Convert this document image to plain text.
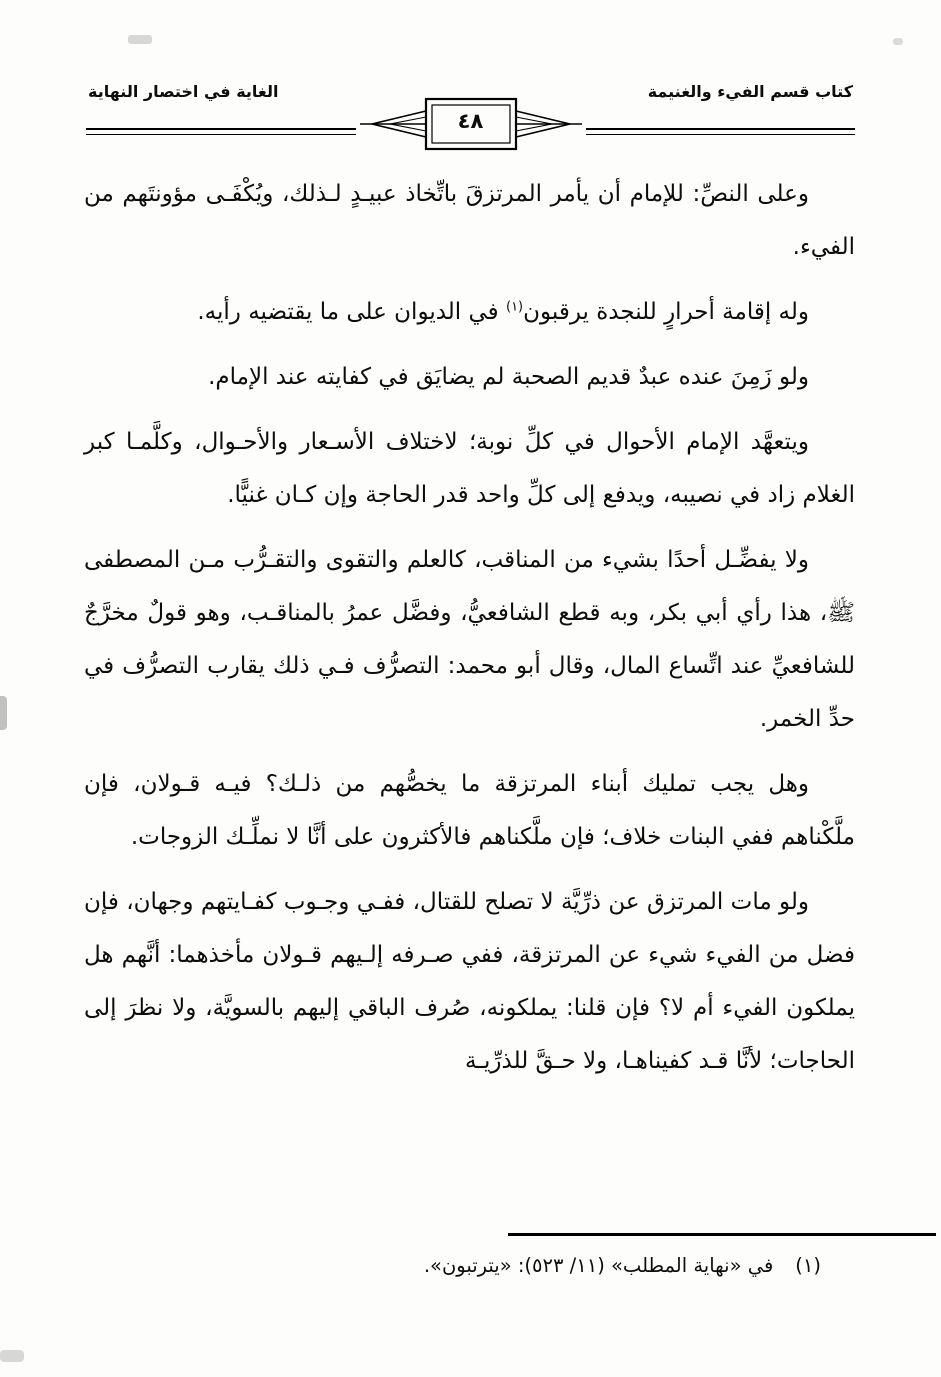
كتاب قسم الفيء والغنيمة
الغاية في اختصار النهاية
٤٨

وعلى النصِّ: للإمام أن يأمر المرتزقَ باتِّخاذ عبيـدٍ لـذلك، ويُكْفَـى مؤونتَهم من الفيء.

وله إقامة أحرارٍ للنجدة يرقبون$^{(١)}$ في الديوان على ما يقتضيه رأيه.

ولو زَمِنَ عنده عبدٌ قديم الصحبة لم يضايَق في كفايته عند الإمام.

ويتعهَّد الإمام الأحوال في كلِّ نوبة؛ لاختلاف الأسـعار والأحـوال، وكلَّمـا كبر الغلام زاد في نصيبه، ويدفع إلى كلِّ واحد قدر الحاجة وإن كـان غنيًّا.

ولا يفضِّـل أحدًا بشيء من المناقب، كالعلم والتقوى والتقـرُّب مـن المصطفى ﷺ، هذا رأي أبي بكر، وبه قطع الشافعيُّ، وفضَّل عمرُ بالمناقـب، وهو قولٌ مخرَّجٌ للشافعيِّ عند اتِّساع المال، وقال أبو محمد: التصرُّف فـي ذلك يقارب التصرُّف في حدِّ الخمر.

وهل يجب تمليك أبناء المرتزقة ما يخصُّهم من ذلـك؟ فيـه قـولان، فإن ملَّكْناهم ففي البنات خلاف؛ فإن ملَّكناهم فالأكثرون على أنَّا لا نملِّـك الزوجات.

ولو مات المرتزق عن ذرِّيَّة لا تصلح للقتال، ففـي وجـوب كفـايتهم وجهان، فإن فضل من الفيء شيء عن المرتزقة، ففي صـرفه إلـيهم قـولان مأخذهما: أنَّهم هل يملكون الفيء أم لا؟ فإن قلنا: يملكونه، صُرف الباقي إليهم بالسويَّة، ولا نظرَ إلى الحاجات؛ لأنَّا قـد كفيناهـا، ولا حـقَّ للذرِّيـة

(١)في «نهاية المطلب» (١١/ ٥٢٣): «يترتبون».
